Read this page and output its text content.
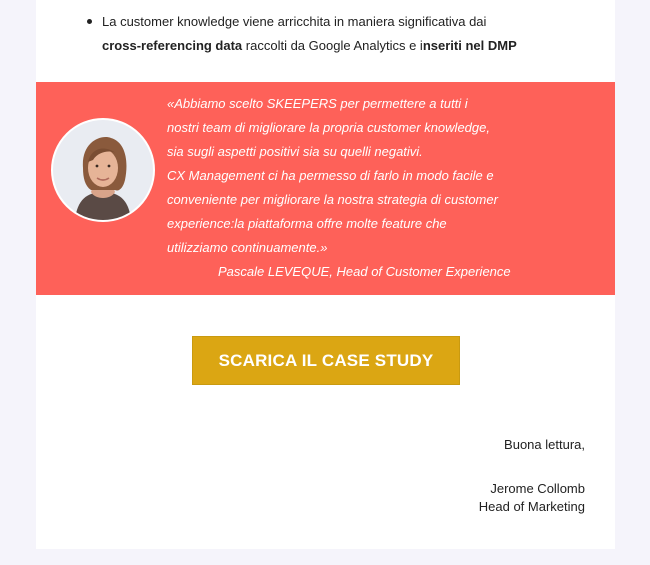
La customer knowledge viene arricchita in maniera significativa dai
cross-referencing data raccolti da Google Analytics e inseriti nel DMP
«Abbiamo scelto SKEEPERS per permettere a tutti i
nostri team di migliorare la propria customer knowledge,
sia sugli aspetti positivi sia su quelli negativi.
CX Management ci ha permesso di farlo in modo facile e
conveniente per migliorare la nostra strategia di customer
experience:la piattaforma offre molte feature che
utilizziamo continuamente.»
Pascale LEVEQUE, Head of Customer Experience
SCARICA IL CASE STUDY
Buona lettura,
Jerome Collomb
Head of Marketing
